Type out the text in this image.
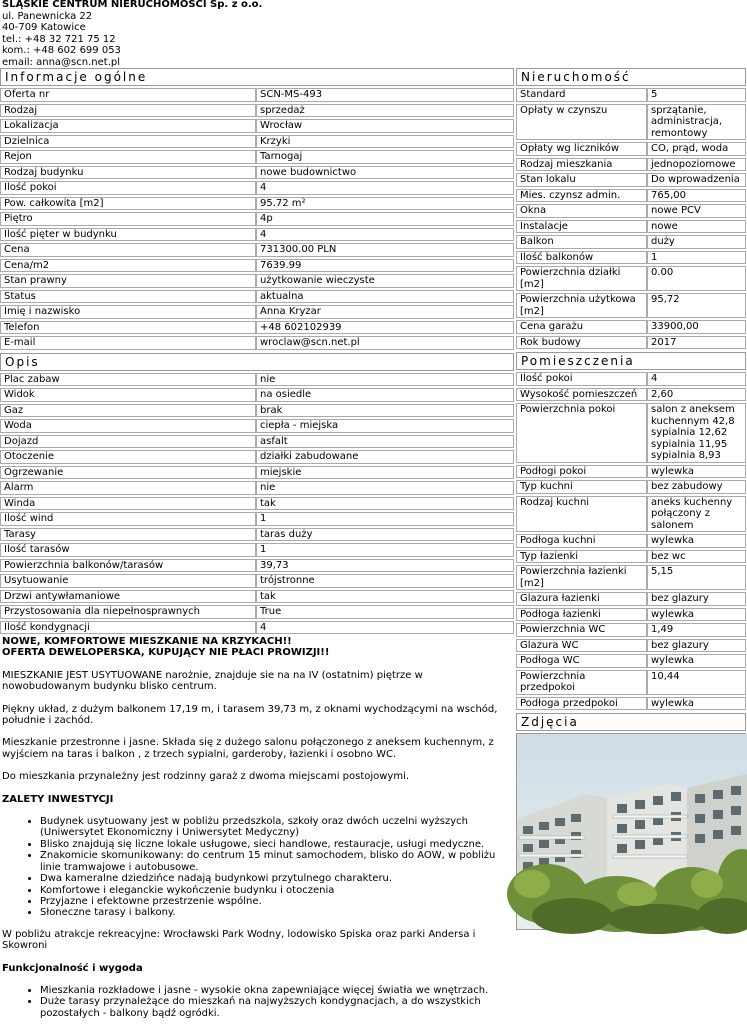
ŚLĄSKIE CENTRUM NIERUCHOMOŚCI Sp. z o.o.
ul. Panewnicka 22
40-709 Katowice
tel.: +48 32 721 75 12
kom.: +48 602 699 053
email: anna@scn.net.pl
Informacje ogólne
Oferta nr	SCN-MS-493
Rodzaj	sprzedaż
Lokalizacja	Wrocław
Dzielnica	Krzyki
Rejon	Tarnogaj
Rodzaj budynku	nowe budownictwo
Ilość pokoi	4
Pow. całkowita [m2]	95.72 m²
Piętro	4p
Ilość pięter w budynku	4
Cena	731300.00 PLN
Cena/m2	7639.99
Stan prawny	użytkowanie wieczyste
Status	aktualna
Imię i nazwisko	Anna Kryzar
Telefon	+48 602102939
E-mail	wroclaw@scn.net.pl
Opis
Plac zabaw	nie
Widok	na osiedle
Gaz	brak
Woda	ciepła - miejska
Dojazd	asfalt
Otoczenie	działki zabudowane
Ogrzewanie	miejskie
Alarm	nie
Winda	tak
Ilość wind	1
Tarasy	taras duży
Ilość tarasów	1
Powierzchnia balkonów/tarasów	39,73
Usytuowanie	trójstronne
Drzwi antywłamaniowe	tak
Przystosowania dla niepełnosprawnych	True
Ilość kondygnacji	4
NOWE, KOMFORTOWE MIESZKANIE NA KRZYKACH!!
OFERTA DEWELOPERSKA, KUPUJĄCY NIE PŁACI PROWIZJI!!

MIESZKANIE JEST USYTUOWANE narożnie, znajduje sie na na IV (ostatnim) piętrze w nowobudowanym budynku blisko centrum.

Piękny układ, z dużym balkonem 17,19 m, i tarasem 39,73 m, z oknami wychodzącymi na wschód, południe i zachód.

Mieszkanie przestronne i jasne. Składa się z dużego salonu połączonego z aneksem kuchennym, z wyjściem na taras i balkon , z trzech sypialni, garderoby, łazienki i osobno WC.

Do mieszkania przynależny jest rodzinny garaż z dwoma miejscami postojowymi.

ZALETY INWESTYCJI

• Budynek usytuowany jest w pobliżu przedszkola, szkoły oraz dwóch uczelni wyższych (Uniwersytet Ekonomiczny i Uniwersytet Medyczny)
• Blisko znajdują się liczne lokale usługowe, sieci handlowe, restauracje, usługi medyczne.
• Znakomicie skomunikowany: do centrum 15 minut samochodem, blisko do AOW, w pobliżu linie tramwajowe i autobusowe.
• Dwa kameralne dziedzińce nadają budynkowi przytulnego charakteru.
• Komfortowe i eleganckie wykończenie budynku i otoczenia
• Przyjazne i efektowne przestrzenie wspólne.
• Słoneczne tarasy i balkony.

W pobliżu atrakcje rekreacyjne: Wrocławski Park Wodny, lodowisko Spiska oraz parki Andersa i Skowroni

Funkcjonalność i wygoda

• Mieszkania rozkładowe i jasne - wysokie okna zapewniające więcej światła we wnętrzach.
• Duże tarasy przynależące do mieszkań na najwyższych kondygnacjach, a do wszystkich pozostałych - balkony bądź ogródki.
Nieruchomość
Standard	5
Opłaty w czynszu	sprzątanie, administracja, remontowy
Opłaty wg liczników	CO, prąd, woda
Rodzaj mieszkania	jednopoziomowe
Stan lokalu	Do wprowadzenia
Mies. czynsz admin.	765,00
Okna	nowe PCV
Instalacje	nowe
Balkon	duży
Ilość balkonów	1
Powierzchnia działki [m2]	0.00
Powierzchnia użytkowa [m2]	95,72
Cena garażu	33900,00
Rok budowy	2017
Pomieszczenia
Ilość pokoi	4
Wysokość pomieszczeń	2,60
Powierzchnia pokoi	salon z aneksem kuchennym 42,8 sypialnia 12,62 sypialnia 11,95 sypialnia 8,93
Podłogi pokoi	wylewka
Typ kuchni	bez zabudowy
Rodzaj kuchni	aneks kuchenny połączony z salonem
Podłoga kuchni	wylewka
Typ łazienki	bez wc
Powierzchnia łazienki [m2]	5,15
Glazura łazienki	bez glazury
Podłoga łazienki	wylewka
Powierzchnia WC	1,49
Glazura WC	bez glazury
Podłoga WC	wylewka
Powierzchnia przedpokoi	10,44
Podłoga przedpokoi	wylewka
Zdjęcia
